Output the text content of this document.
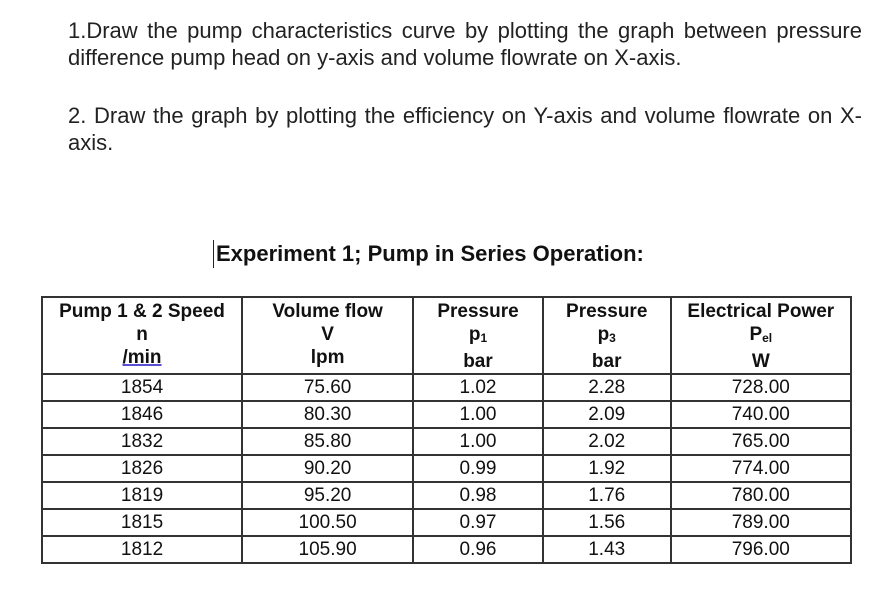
1.Draw the pump characteristics curve by plotting the graph between pressure difference pump head on y-axis and volume flowrate on X-axis.

2. Draw the graph by plotting the efficiency on Y-axis and volume flowrate on X-axis.

Experiment 1; Pump in Series Operation:
Pump 1 & 2 Speed
n
/min	Volume flow
V
lpm	Pressure
$p_1$
bar	Pressure
$p_3$
bar	Electrical Power
$P_{el}$
W

1854	75.60	1.02	2.28	728.00
1846	80.30	1.00	2.09	740.00
1832	85.80	1.00	2.02	765.00
1826	90.20	0.99	1.92	774.00
1819	95.20	0.98	1.76	780.00
1815	100.50	0.97	1.56	789.00
1812	105.90	0.96	1.43	796.00
